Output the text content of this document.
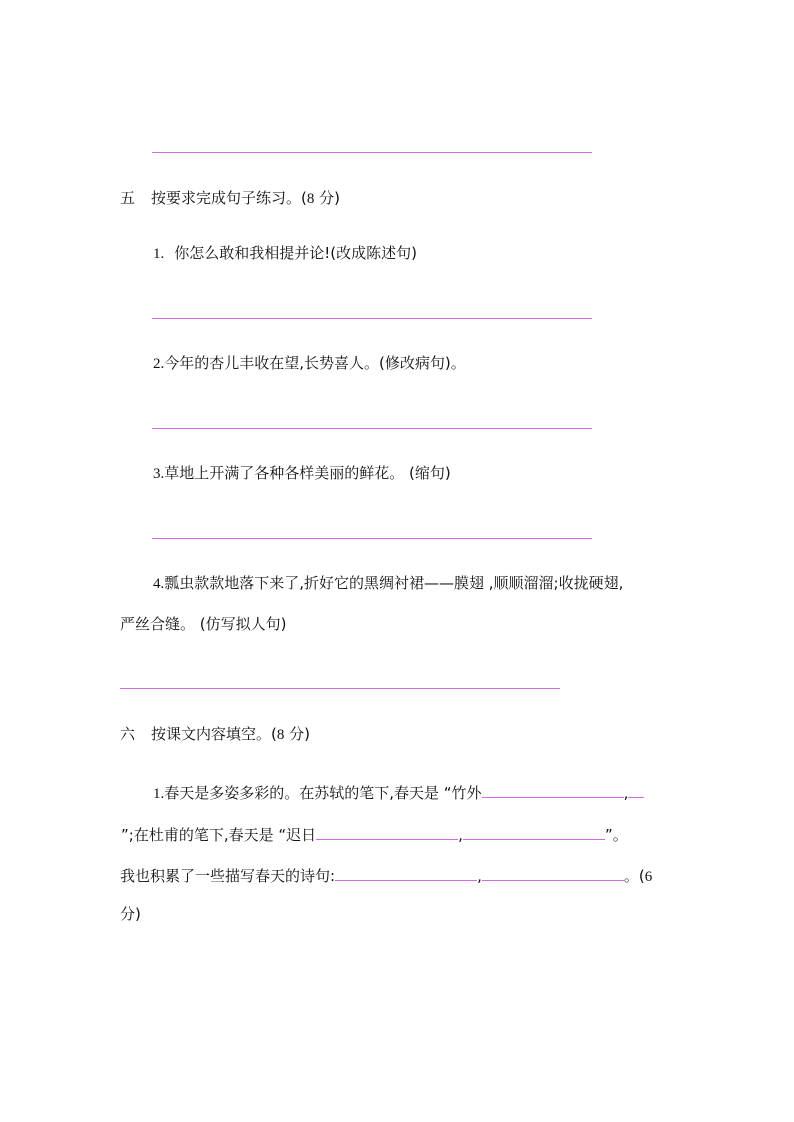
五 按要求完成句子练习。(8 分)
1. 你怎么敢和我相提并论!(改成陈述句)
2.今年的杏儿丰收在望,长势喜人。(修改病句)。
3.草地上开满了各种各样美丽的鲜花。 (缩句)
4.瓢虫款款地落下来了,折好它的黑绸衬裙——膜翅 ,顺顺溜溜;收拢硬翅,
严丝合缝。 (仿写拟人句)
六 按课文内容填空。(8 分)
1.春天是多姿多彩的。在苏轼的笔下,春天是 “竹外	,
”;在杜甫的笔下,春天是 “迟日	,	”。
我也积累了一些描写春天的诗句:	,	。(6
分)
